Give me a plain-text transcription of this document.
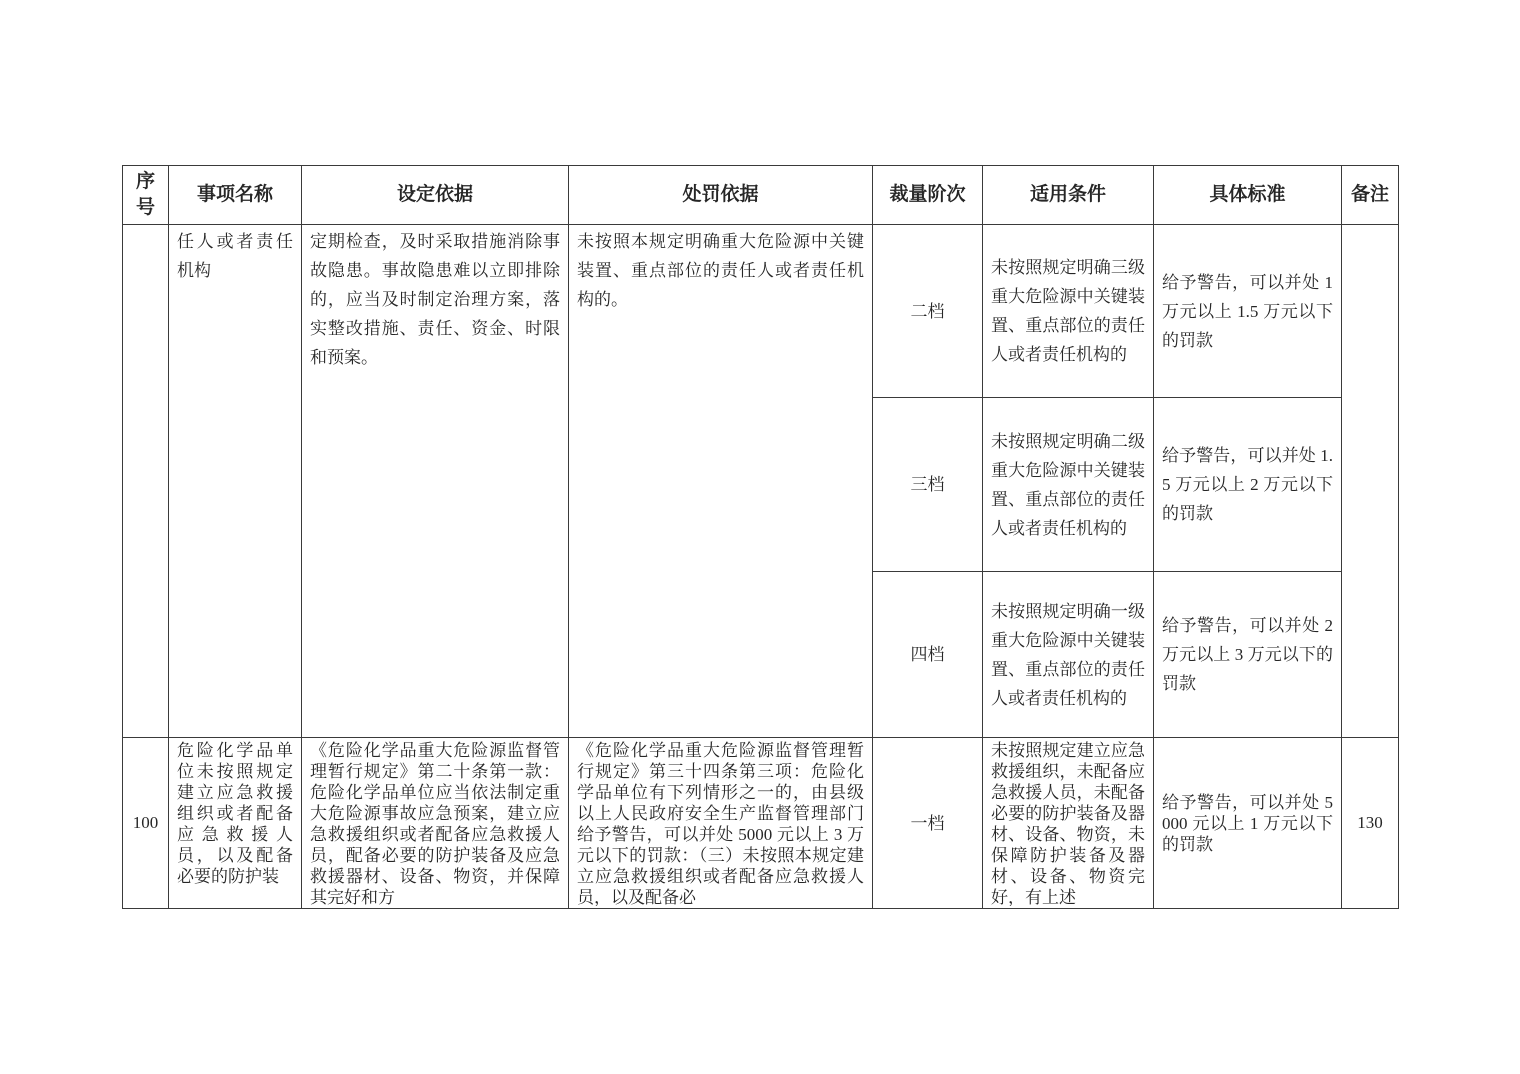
序号	事项名称	设定依据	处罚依据	裁量阶次	适用条件	具体标准	备注
	任人或者责任机构	定期检查，及时采取措施消除事故隐患。事故隐患难以立即排除的，应当及时制定治理方案，落实整改措施、责任、资金、时限和预案。	未按照本规定明确重大危险源中关键装置、重点部位的责任人或者责任机构的。	二档	未按照规定明确三级重大危险源中关键装置、重点部位的责任人或者责任机构的	给予警告，可以并处 1 万元以上 1.5 万元以下的罚款	
				三档	未按照规定明确二级重大危险源中关键装置、重点部位的责任人或者责任机构的	给予警告，可以并处 1.5 万元以上 2 万元以下的罚款	
				四档	未按照规定明确一级重大危险源中关键装置、重点部位的责任人或者责任机构的	给予警告，可以并处 2 万元以上 3 万元以下的罚款	
100	危险化学品单位未按照规定建立应急救援组织或者配备应急救援人员，以及配备必要的防护装	《危险化学品重大危险源监督管理暂行规定》第二十条第一款：危险化学品单位应当依法制定重大危险源事故应急预案，建立应急救援组织或者配备应急救援人员，配备必要的防护装备及应急救援器材、设备、物资，并保障其完好和方	《危险化学品重大危险源监督管理暂行规定》第三十四条第三项：危险化学品单位有下列情形之一的，由县级以上人民政府安全生产监督管理部门给予警告，可以并处 5000 元以上 3 万元以下的罚款：（三）未按照本规定建立应急救援组织或者配备应急救援人员，以及配备必	一档	未按照规定建立应急救援组织，未配备应急救援人员，未配备必要的防护装备及器材、设备、物资，未保障防护装备及器材、设备、物资完好，有上述	给予警告，可以并处 5000 元以上 1 万元以下的罚款	130
